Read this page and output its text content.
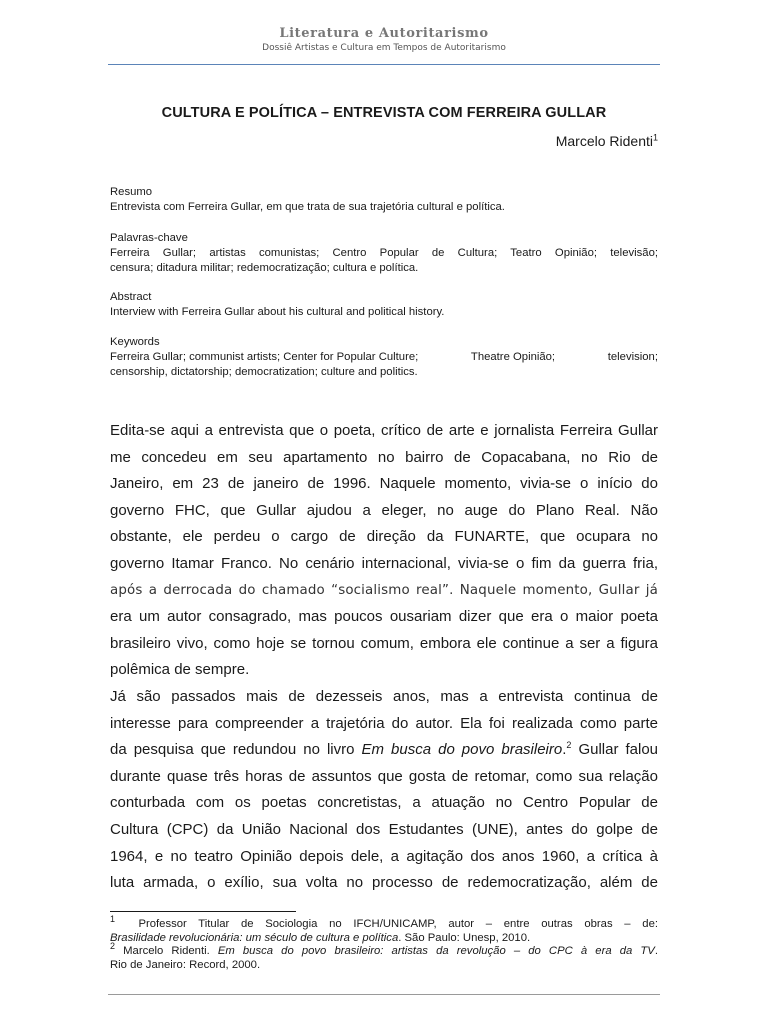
Literatura e Autoritarismo
Dossiê Artistas e Cultura em Tempos de Autoritarismo
CULTURA E POLÍTICA – ENTREVISTA COM FERREIRA GULLAR
Marcelo Ridenti$^1$
Resumo
Entrevista com Ferreira Gullar, em que trata de sua trajetória cultural e política.
Palavras-chave
Ferreira Gullar; artistas comunistas; Centro Popular de Cultura; Teatro Opinião; televisão;
censura; ditadura militar; redemocratização; cultura e política.
Abstract
Interview with Ferreira Gullar about his cultural and political history.
Keywords
Ferreira Gullar; communist artists; Center for Popular Culture;	Theatre Opinião;	television;
censorship, dictatorship; democratization; culture and politics.
Edita-se aqui a entrevista que o poeta, crítico de arte e jornalista Ferreira Gullar
me concedeu em seu apartamento no bairro de Copacabana, no Rio de
Janeiro, em 23 de janeiro de 1996. Naquele momento, vivia-se o início do
governo FHC, que Gullar ajudou a eleger, no auge do Plano Real. Não
obstante, ele perdeu o cargo de direção da FUNARTE, que ocupara no
governo Itamar Franco. No cenário internacional, vivia-se o fim da guerra fria,
após a derrocada do chamado “socialismo real”. Naquele momento, Gullar já
era um autor consagrado, mas poucos ousariam dizer que era o maior poeta
brasileiro vivo, como hoje se tornou comum, embora ele continue a ser a figura
polêmica de sempre.
Já são passados mais de dezesseis anos, mas a entrevista continua de
interesse para compreender a trajetória do autor. Ela foi realizada como parte
da pesquisa que redundou no livro Em busca do povo brasileiro.$^2$ Gullar falou
durante quase três horas de assuntos que gosta de retomar, como sua relação
conturbada com os poetas concretistas, a atuação no Centro Popular de
Cultura (CPC) da União Nacional dos Estudantes (UNE), antes do golpe de
1964, e no teatro Opinião depois dele, a agitação dos anos 1960, a crítica à
luta armada, o exílio, sua volta no processo de redemocratização, além de
$^1$ Professor Titular de Sociologia no IFCH/UNICAMP, autor – entre outras obras – de:
Brasilidade revolucionária: um século de cultura e política. São Paulo: Unesp, 2010.
$^2$ Marcelo Ridenti. Em busca do povo brasileiro: artistas da revolução – do CPC à era da TV.
Rio de Janeiro: Record, 2000.
